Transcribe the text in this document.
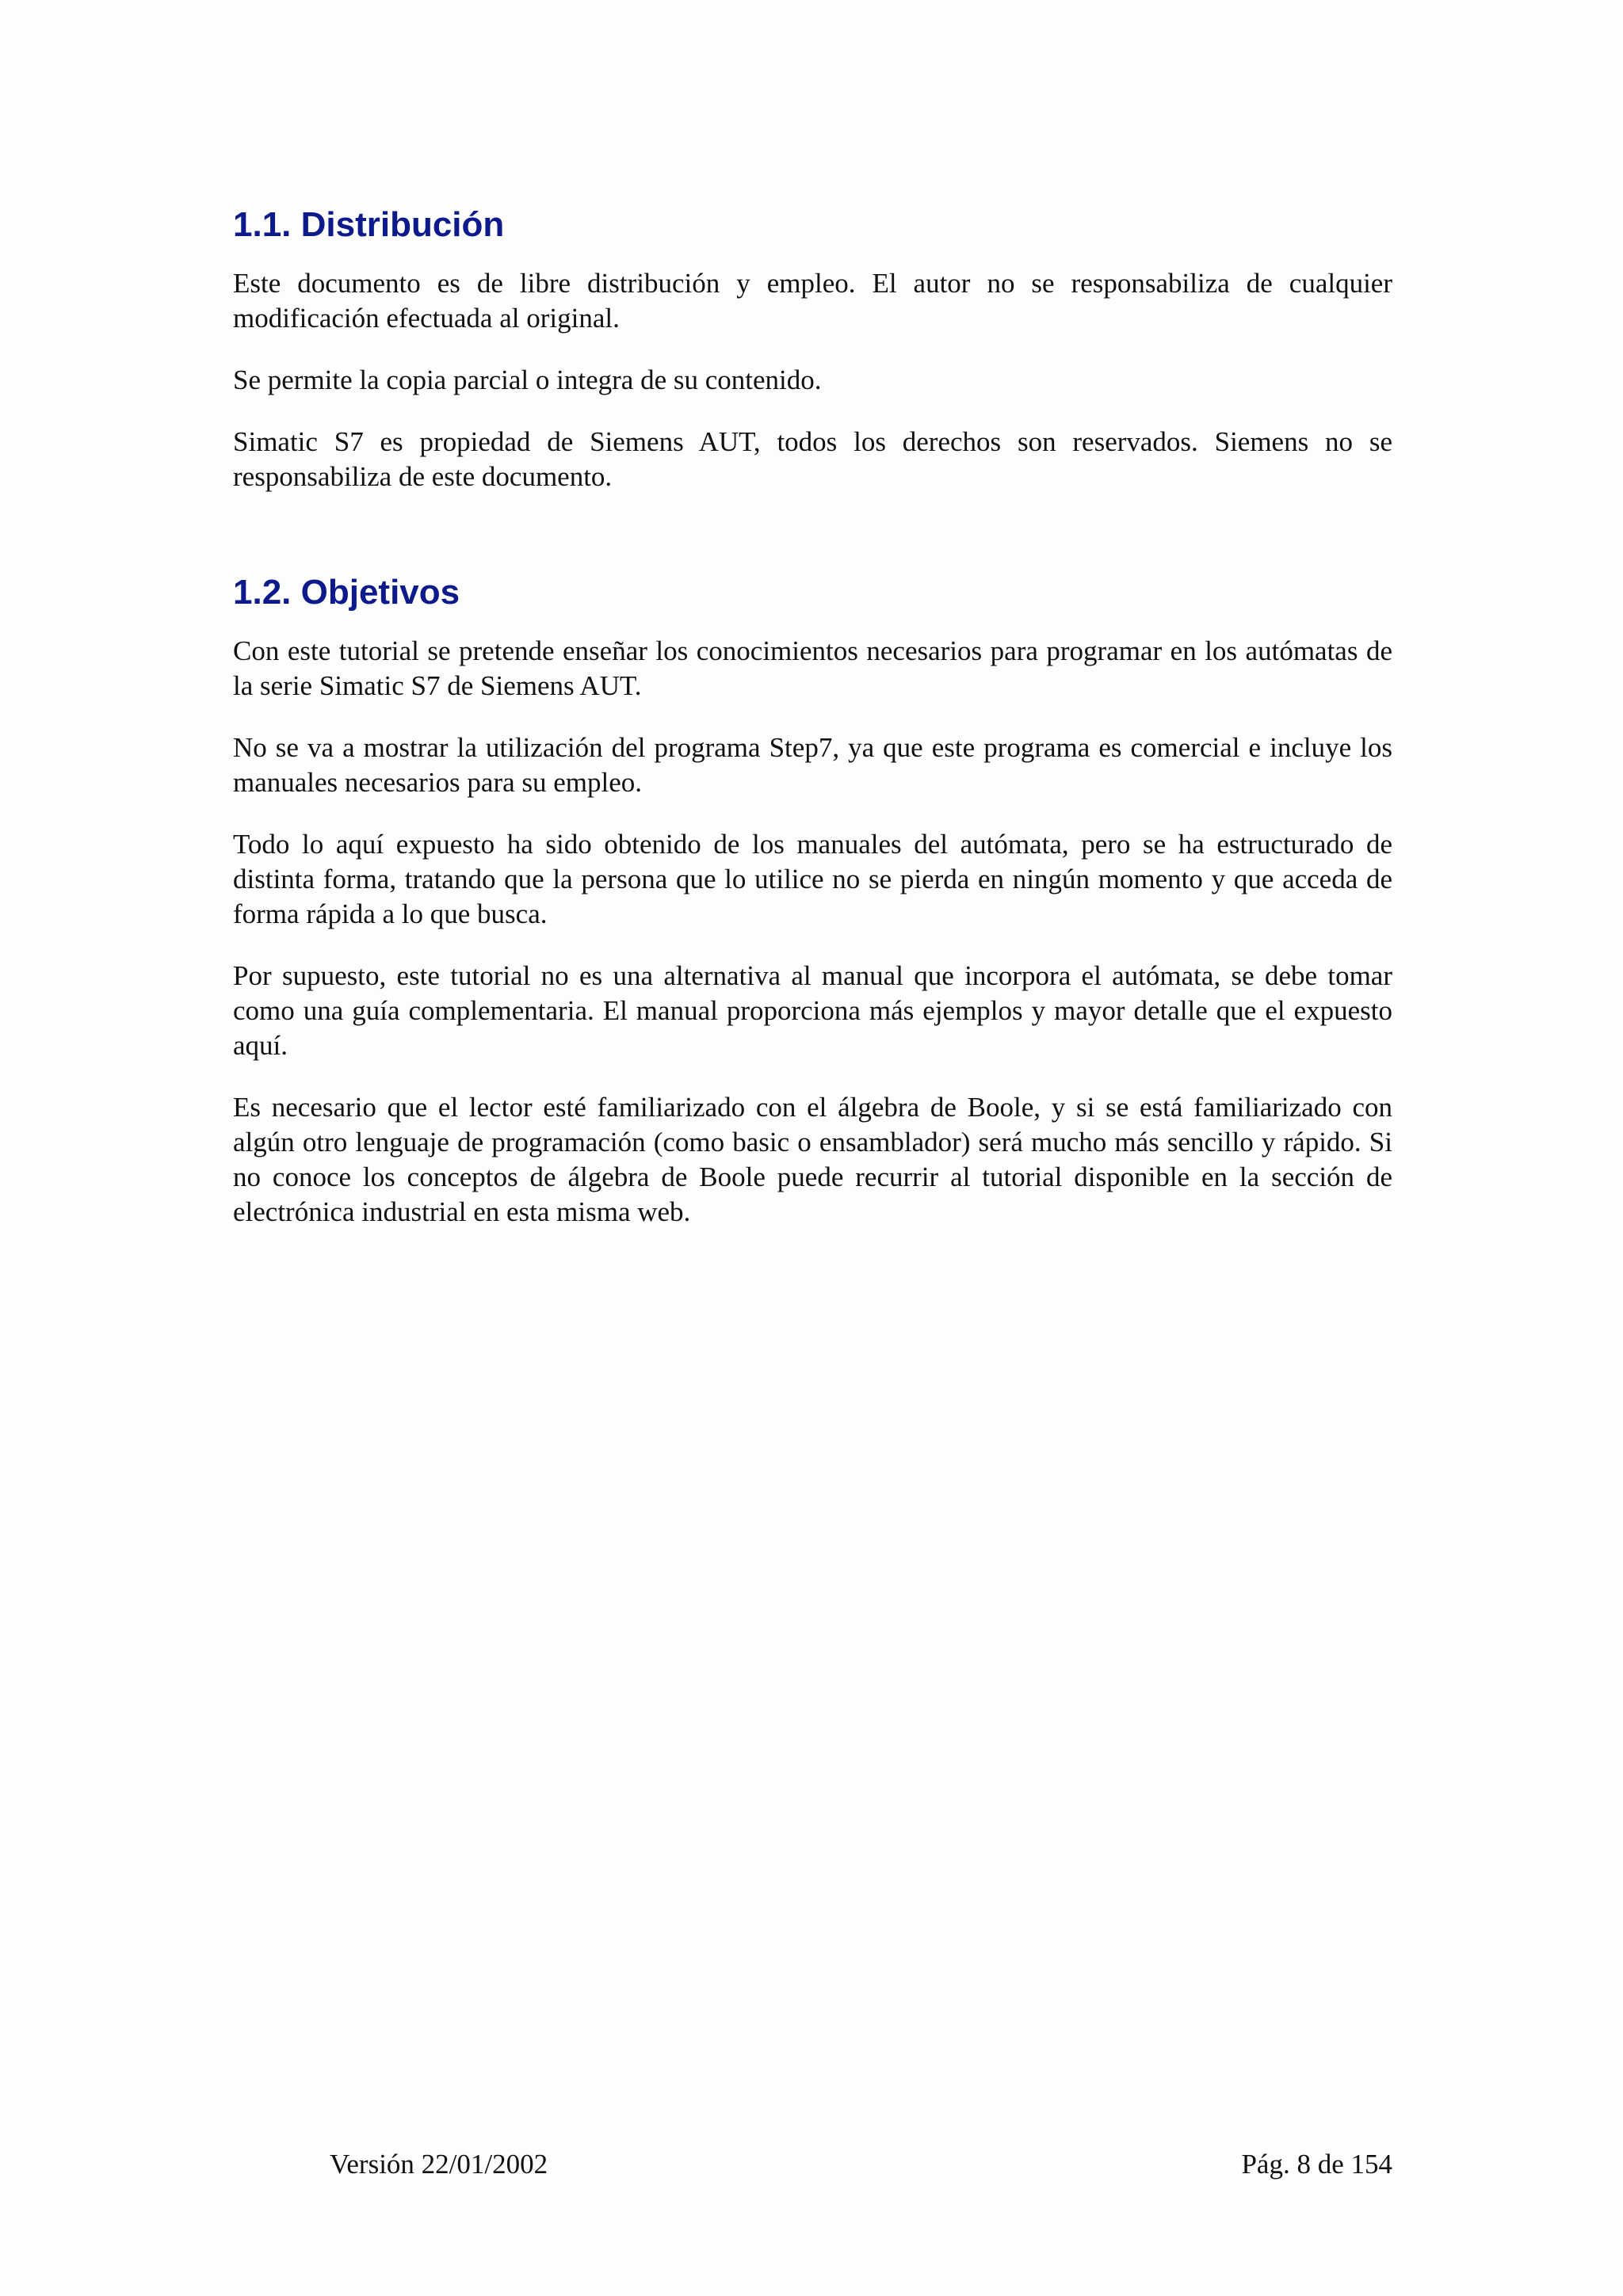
1.1. Distribución

Este documento es de libre distribución y empleo. El autor no se responsabiliza de cualquier modificación efectuada al original.

Se permite la copia parcial o integra de su contenido.

Simatic S7 es propiedad de Siemens AUT, todos los derechos son reservados. Siemens no se responsabiliza de este documento.

1.2. Objetivos

Con este tutorial se pretende enseñar los conocimientos necesarios para programar en los autómatas de la serie Simatic S7 de Siemens AUT.

No se va a mostrar la utilización del programa Step7, ya que este programa es comercial e incluye los manuales necesarios para su empleo.

Todo lo aquí expuesto ha sido obtenido de los manuales del autómata, pero se ha estructurado de distinta forma, tratando que la persona que lo utilice no se pierda en ningún momento y que acceda de forma rápida a lo que busca.

Por supuesto, este tutorial no es una alternativa al manual que incorpora el autómata, se debe tomar como una guía complementaria. El manual proporciona más ejemplos y mayor detalle que el expuesto aquí.

Es necesario que el lector esté familiarizado con el álgebra de Boole, y si se está familiarizado con algún otro lenguaje de programación (como basic o ensamblador) será mucho más sencillo y rápido. Si no conoce los conceptos de álgebra de Boole puede recurrir al tutorial disponible en la sección de electrónica industrial en esta misma web.

Versión 22/01/2002	Pág. 8 de 154
